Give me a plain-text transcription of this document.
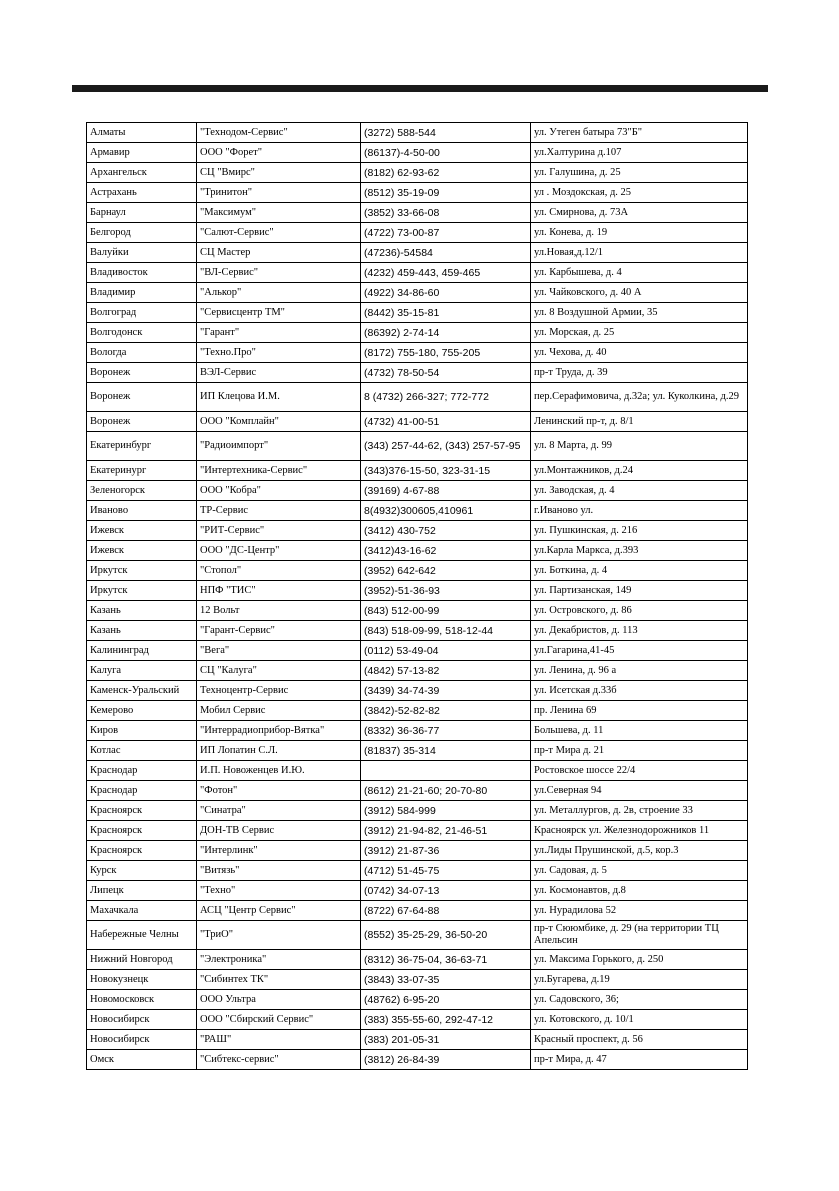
Алматы	"Технодом-Сервис"	(3272) 588-544	ул. Утеген батыра 73"Б"
Армавир	ООО "Форет"	(86137)-4-50-00	ул.Халтурина д.107
Архангельск	СЦ "Вмирс"	(8182) 62-93-62	ул. Галушина, д. 25
Астрахань	"Тринитон"	(8512) 35-19-09	ул . Моздокская, д. 25
Барнаул	"Максимум"	(3852) 33-66-08	ул. Смирнова, д. 73А
Белгород	"Салют-Сервис"	(4722) 73-00-87	ул. Конева, д. 19
Валуйки	СЦ Мастер	(47236)-54584	ул.Новая,д.12/1
Владивосток	"ВЛ-Сервис"	(4232) 459-443, 459-465	ул. Карбышева, д. 4
Владимир	"Алькор"	(4922) 34-86-60	ул. Чайковского, д. 40 А
Волгоград	"Сервисцентр ТМ"	(8442) 35-15-81	ул. 8 Воздушной Армии, 35
Волгодонск	"Гарант"	(86392) 2-74-14	ул. Морская, д. 25
Вологда	"Техно.Про"	(8172) 755-180, 755-205	ул. Чехова, д. 40
Воронеж	ВЭЛ-Сервис	(4732) 78-50-54	пр-т Труда, д. 39
Воронеж	ИП Клецова И.М.	8 (4732) 266-327; 772-772	пер.Серафимовича, д.32а; ул. Куколкина, д.29
Воронеж	ООО "Комплайн"	(4732) 41-00-51	Ленинский пр-т, д. 8/1
Екатеринбург	"Радиоимпорт"	(343) 257-44-62, (343) 257-57-95	ул. 8 Марта, д. 99
Екатеринург	"Интертехника-Сервис"	(343)376-15-50, 323-31-15	ул.Монтажников, д.24
Зеленогорск	ООО "Кобра"	(39169) 4-67-88	ул. Заводская, д. 4
Иваново	ТР-Сервис	8(4932)300605,410961	г.Иваново ул.
Ижевск	"РИТ-Сервис"	(3412) 430-752	ул. Пушкинская, д. 216
Ижевск	ООО "ДС-Центр"	(3412)43-16-62	ул.Карла Маркса, д.393
Иркутск	"Стопол"	(3952) 642-642	ул. Боткина, д. 4
Иркутск	НПФ "ТИС"	(3952)-51-36-93	ул. Партизанская, 149
Казань	12 Вольт	(843) 512-00-99	ул. Островского, д. 86
Казань	"Гарант-Сервис"	(843) 518-09-99, 518-12-44	ул. Декабристов, д. 113
Калининград	"Вега"	(0112) 53-49-04	ул.Гагарина,41-45
Калуга	СЦ "Калуга"	(4842) 57-13-82	ул. Ленина, д. 96 а
Каменск-Уральский	Техноцентр-Сервис	(3439) 34-74-39	ул. Исетская д.33б
Кемерово	Мобил Сервис	(3842)-52-82-82	пр. Ленина 69
Киров	"Интеррадиоприбор-Вятка"	(8332) 36-36-77	Большева, д. 11
Котлас	ИП Лопатин С.Л.	(81837) 35-314	пр-т Мира д. 21
Краснодар	И.П. Новоженцев И.Ю.		Ростовское шоссе 22/4
Краснодар	"Фотон"	(8612) 21-21-60; 20-70-80	ул.Северная 94
Красноярск	"Синатра"	(3912) 584-999	ул. Металлургов, д. 2в, строение 33
Красноярск	ДОН-ТВ Сервис	(3912) 21-94-82, 21-46-51	Красноярск ул. Железнодорожников 11
Красноярск	"Интерлинк"	(3912) 21-87-36	ул.Лиды Прушинской, д.5, кор.3
Курск	"Витязь"	(4712) 51-45-75	ул. Садовая, д. 5
Липецк	"Техно"	(0742) 34-07-13	ул. Космонавтов, д.8
Махачкала	АСЦ "Центр Сервис"	(8722) 67-64-88	ул. Нурадилова 52
Набережные Челны	"ТриО"	(8552) 35-25-29, 36-50-20	пр-т Сююмбике, д. 29 (на территории ТЦ Апельсин
Нижний Новгород	"Электроника"	(8312) 36-75-04, 36-63-71	ул. Максима Горького, д. 250
Новокузнецк	"Сибинтех ТК"	(3843) 33-07-35	ул.Бугарева, д.19
Новомосковск	ООО Ультра	(48762) 6-95-20	ул. Садовского, 36;
Новосибирск	ООО "Сбирский Сервис"	(383) 355-55-60, 292-47-12	ул. Котовского, д. 10/1
Новосибирск	"РАШ"	(383) 201-05-31	Красный проспект, д. 56
Омск	"Сибтекс-сервис"	(3812) 26-84-39	пр-т Мира, д. 47
